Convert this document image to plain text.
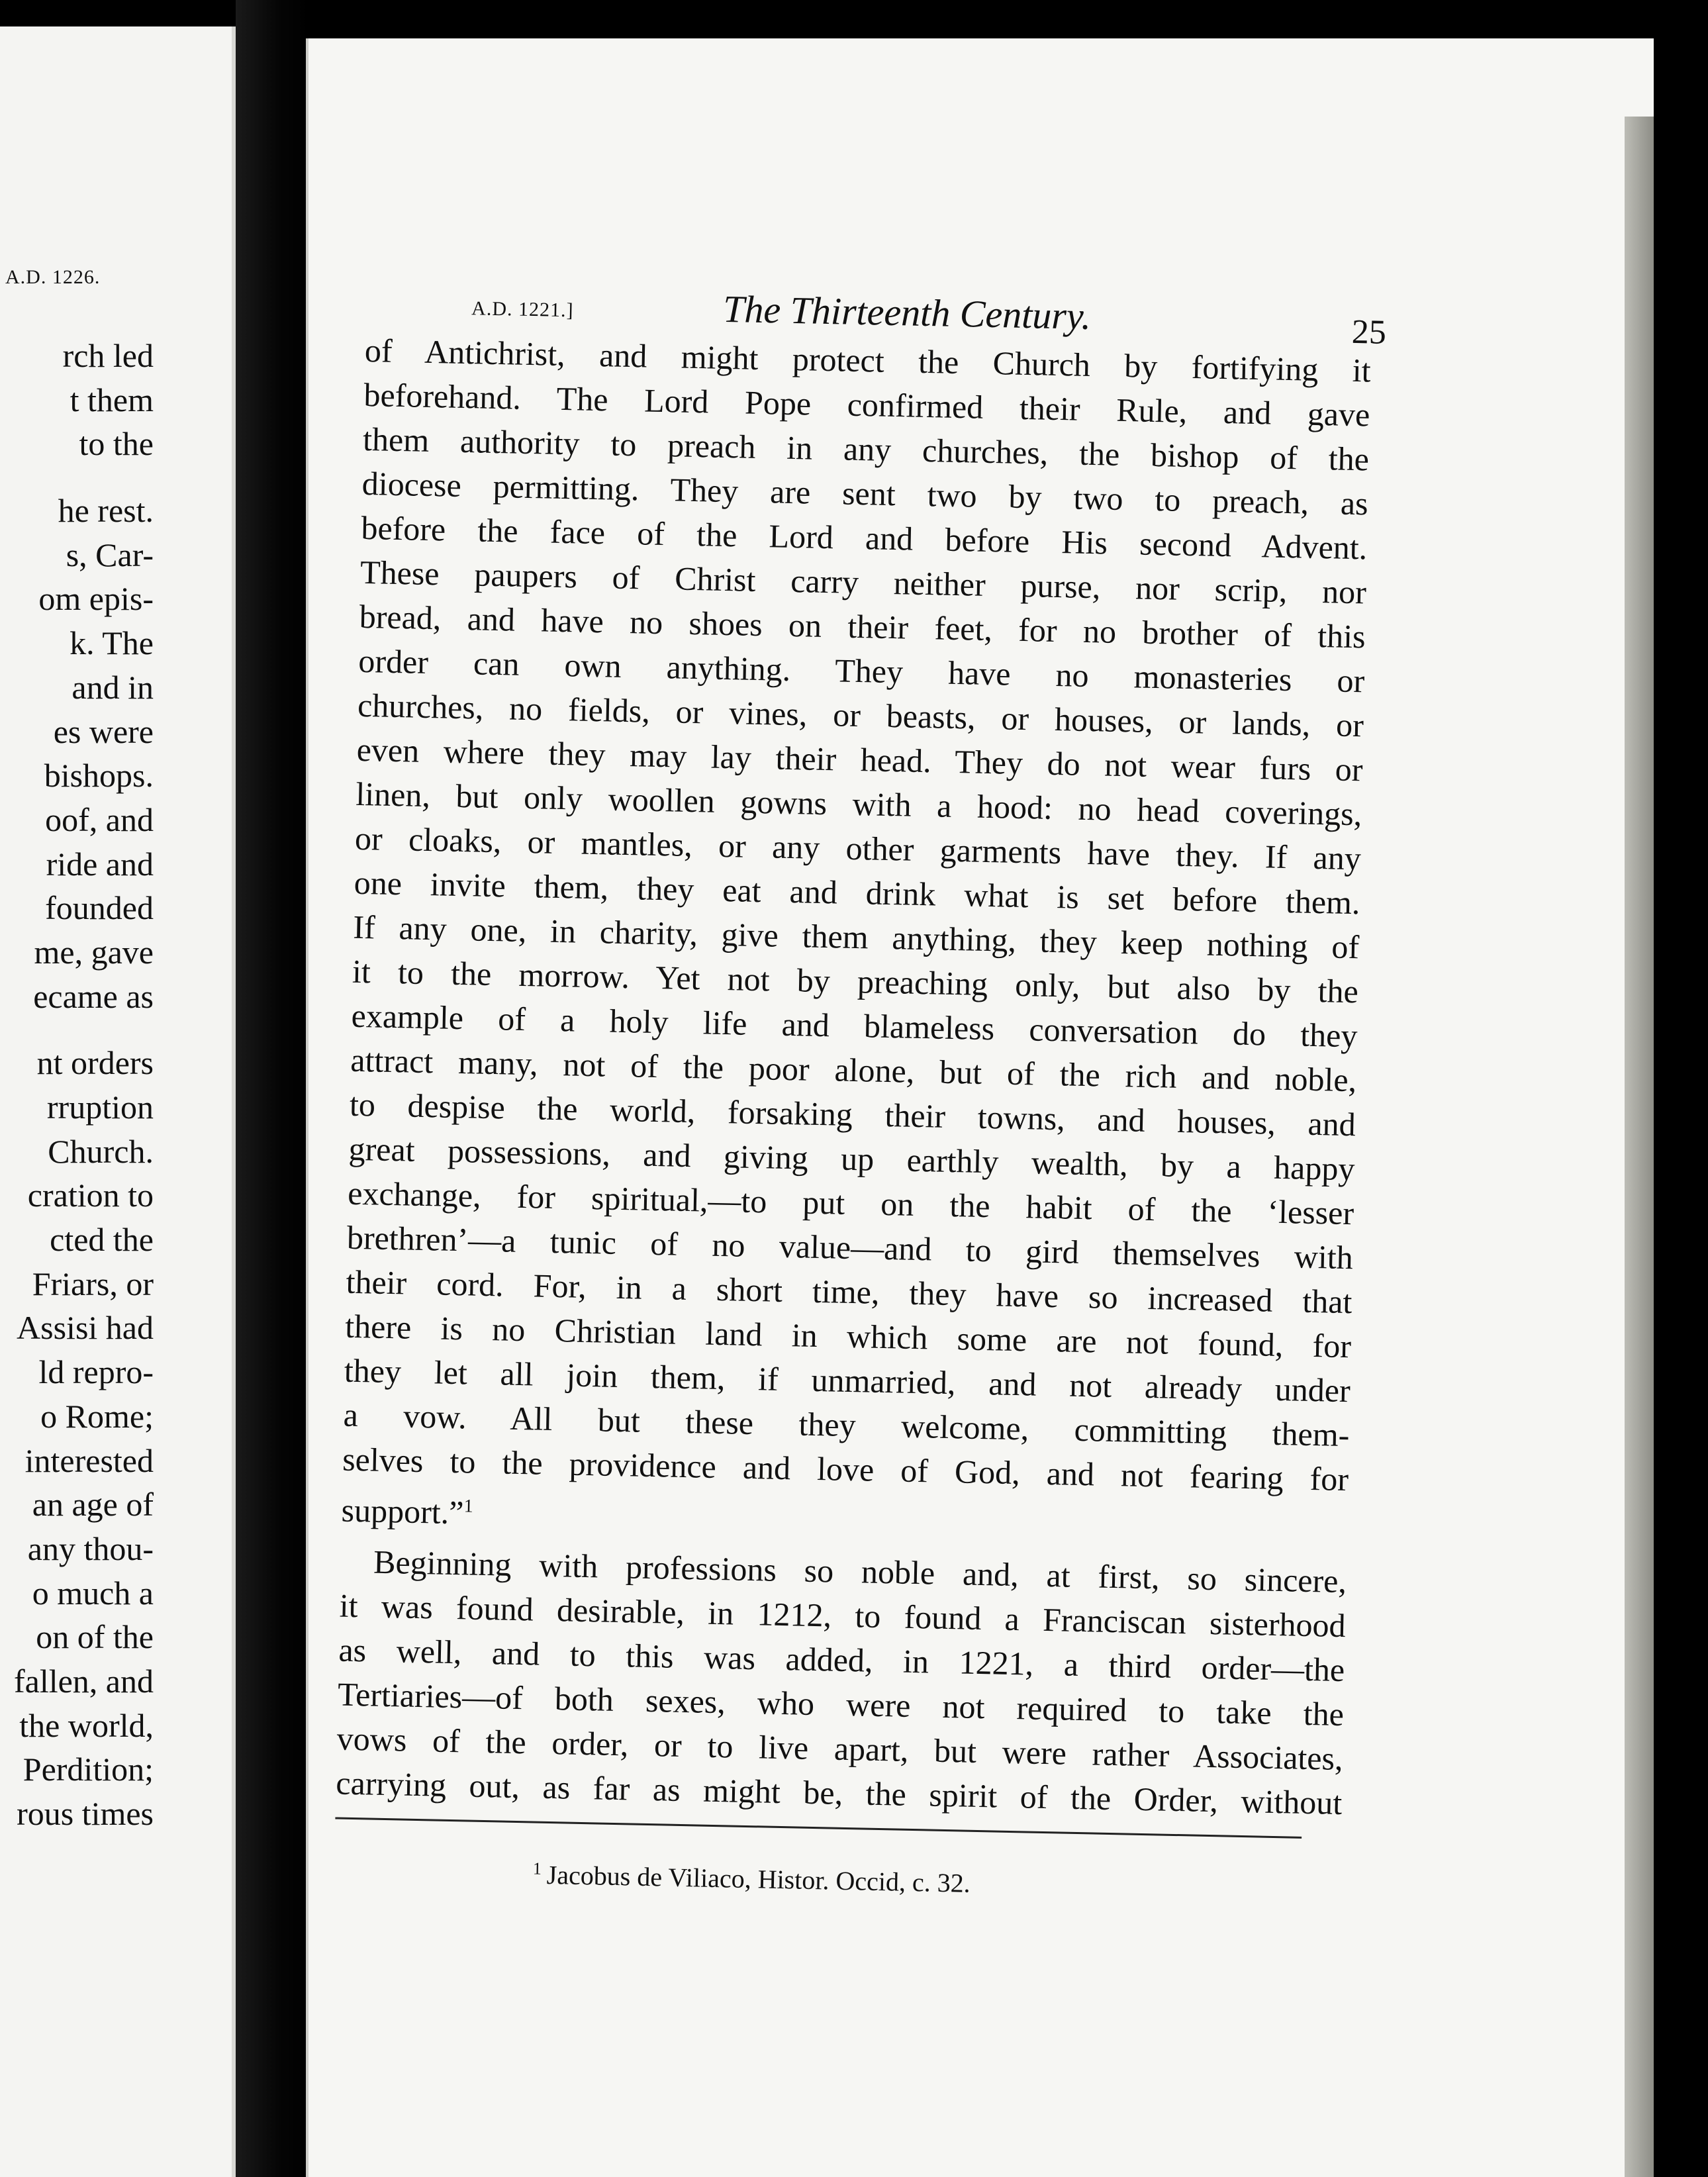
A.D. 1226.
rch led
t them
to the
he rest.
s, Car-
om epis-
k. The
and in
es were
bishops.
oof, and
ride and
founded
me, gave
ecame as
nt orders
rruption
Church.
cration to
cted the
Friars, or
Assisi had
ld repro-
o Rome;
interested
an age of
any thou-
o much a
on of the
fallen, and
the world,
Perdition;
rous times
A.D. 1221.]	The Thirteenth Century.	25
of Antichrist, and might protect the Church by fortifying it
beforehand. The Lord Pope confirmed their Rule, and gave
them authority to preach in any churches, the bishop of the
diocese permitting. They are sent two by two to preach, as
before the face of the Lord and before His second Advent.
These paupers of Christ carry neither purse, nor scrip, nor
bread, and have no shoes on their feet, for no brother of this
order can own anything. They have no monasteries or
churches, no fields, or vines, or beasts, or houses, or lands, or
even where they may lay their head. They do not wear furs or
linen, but only woollen gowns with a hood: no head coverings,
or cloaks, or mantles, or any other garments have they. If any
one invite them, they eat and drink what is set before them.
If any one, in charity, give them anything, they keep nothing of
it to the morrow. Yet not by preaching only, but also by the
example of a holy life and blameless conversation do they
attract many, not of the poor alone, but of the rich and noble,
to despise the world, forsaking their towns, and houses, and
great possessions, and giving up earthly wealth, by a happy
exchange, for spiritual,—to put on the habit of the ‘lesser
brethren’—a tunic of no value—and to gird themselves with
their cord. For, in a short time, they have so increased that
there is no Christian land in which some are not found, for
they let all join them, if unmarried, and not already under
a vow. All but these they welcome, committing them-
selves to the providence and love of God, and not fearing for
support.”$^1$
Beginning with professions so noble and, at first, so sincere,
it was found desirable, in 1212, to found a Franciscan sisterhood
as well, and to this was added, in 1221, a third order—the
Tertiaries—of both sexes, who were not required to take the
vows of the order, or to live apart, but were rather Associates,
carrying out, as far as might be, the spirit of the Order, without
$^1$ Jacobus de Viliaco, Histor. Occid, c. 32.
